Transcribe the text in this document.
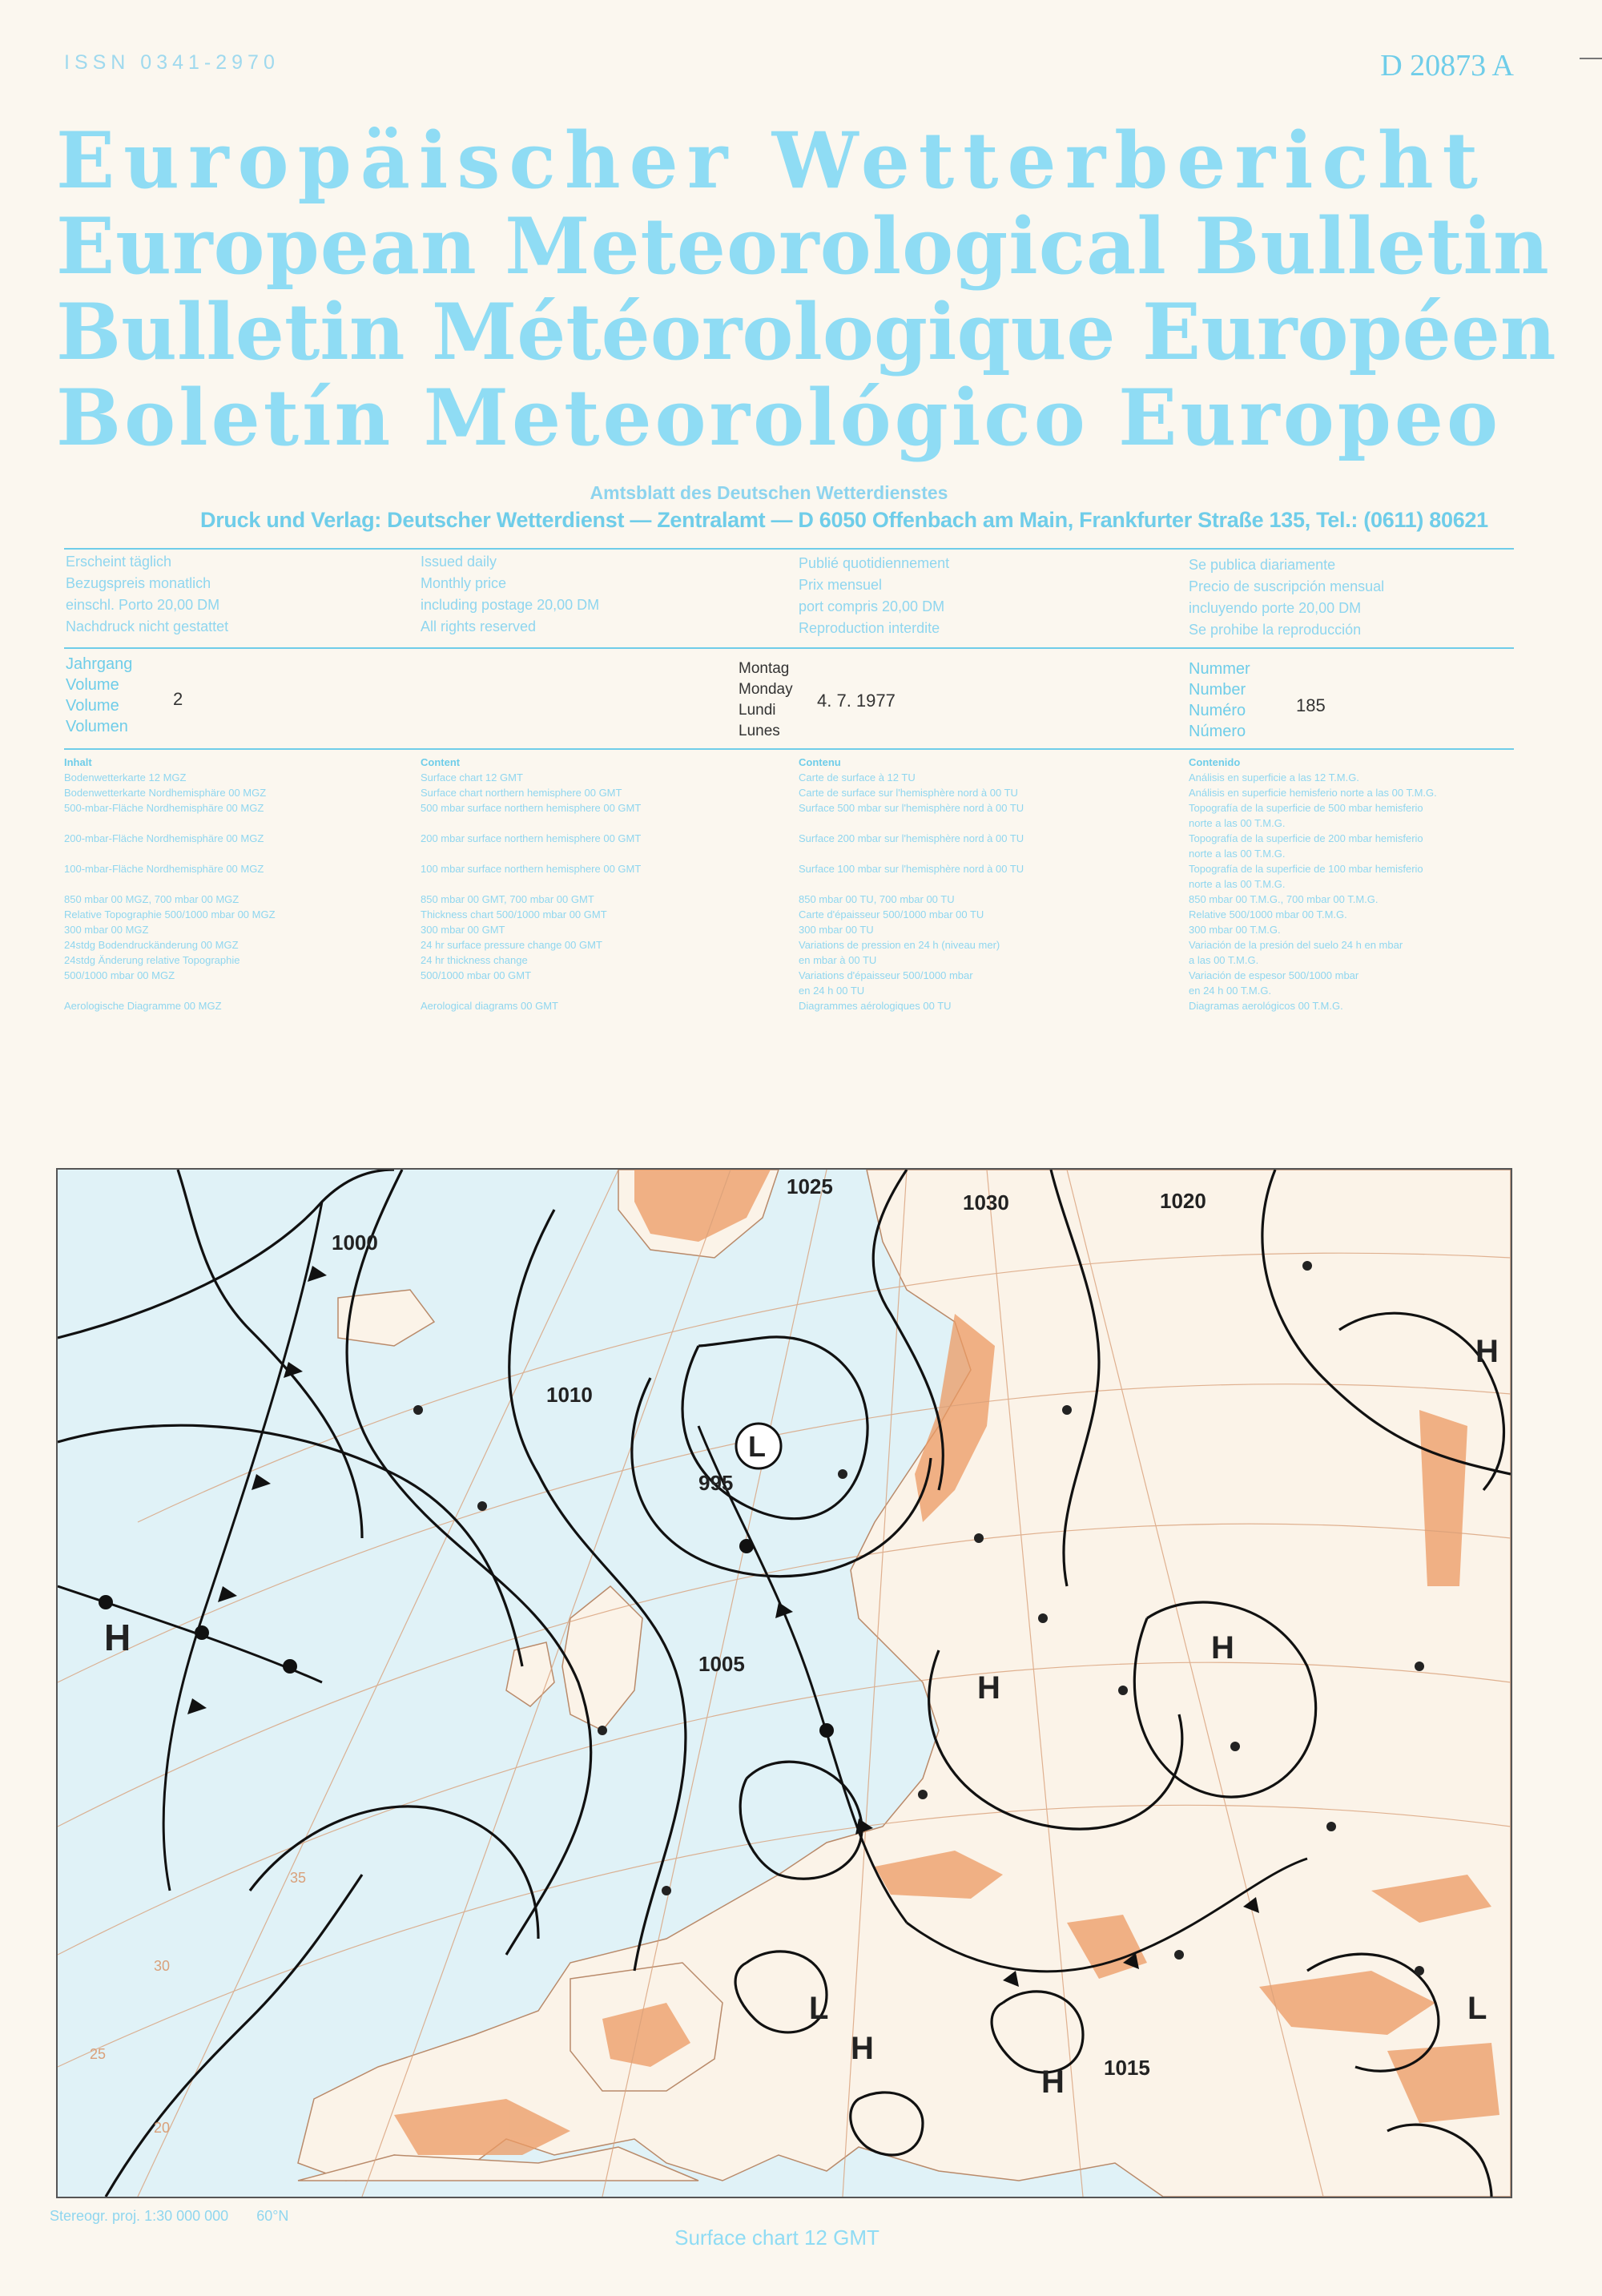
ISSN 0341-2970	D 20873 A
Europäischer Wetterbericht
European Meteorological Bulletin
Bulletin Météorologique Européen
Boletín Meteorológico Europeo
Amtsblatt des Deutschen Wetterdienstes
Druck und Verlag: Deutscher Wetterdienst — Zentralamt — D 6050 Offenbach am Main, Frankfurter Straße 135, Tel.: (0611) 80621
Erscheint täglich
Bezugspreis monatlich
einschl. Porto 20,00 DM
Nachdruck nicht gestattet
Issued daily
Monthly price
including postage 20,00 DM
All rights reserved
Publié quotidiennement
Prix mensuel
port compris 20,00 DM
Reproduction interdite
Se publica diariamente
Precio de suscripción mensual
incluyendo porte 20,00 DM
Se prohibe la reproducción
Jahrgang
Volume
Volume
Volumen
2
Montag
Monday
Lundi
Lunes
4. 7. 1977
Nummer
Number
Numéro
Número
185
Inhalt
Bodenwetterkarte 12 MGZ
Bodenwetterkarte Nordhemisphäre 00 MGZ
500-mbar-Fläche Nordhemisphäre 00 MGZ
200-mbar-Fläche Nordhemisphäre 00 MGZ
100-mbar-Fläche Nordhemisphäre 00 MGZ
850 mbar 00 MGZ, 700 mbar 00 MGZ
Relative Topographie 500/1000 mbar 00 MGZ
300 mbar 00 MGZ
24stdg Bodendruckänderung 00 MGZ
24stdg Änderung relative Topographie
500/1000 mbar 00 MGZ
Aerologische Diagramme 00 MGZ
Content
Surface chart 12 GMT
Surface chart northern hemisphere 00 GMT
500 mbar surface northern hemisphere 00 GMT
200 mbar surface northern hemisphere 00 GMT
100 mbar surface northern hemisphere 00 GMT
850 mbar 00 GMT, 700 mbar 00 GMT
Thickness chart 500/1000 mbar 00 GMT
300 mbar 00 GMT
24 hr surface pressure change 00 GMT
24 hr thickness change
500/1000 mbar 00 GMT
Aerological diagrams 00 GMT
Contenu
Carte de surface à 12 TU
Carte de surface sur l'hemisphère nord à 00 TU
Surface 500 mbar sur l'hemisphère nord à 00 TU
Surface 200 mbar sur l'hemisphère nord à 00 TU
Surface 100 mbar sur l'hemisphère nord à 00 TU
850 mbar 00 TU, 700 mbar 00 TU
Carte d'épaisseur 500/1000 mbar 00 TU
300 mbar 00 TU
Variations de pression en 24 h (niveau mer)
en mbar à 00 TU
Variations d'épaisseur 500/1000 mbar
en 24 h 00 TU
Diagrammes aérologiques 00 TU
Contenido
Análisis en superficie a las 12 T.M.G.
Análisis en superficie hemisferio norte a las 00 T.M.G.
Topografía de la superficie de 500 mbar hemisferio
norte a las 00 T.M.G.
Topografía de la superficie de 200 mbar hemisferio
norte a las 00 T.M.G.
Topografía de la superficie de 100 mbar hemisferio
norte a las 00 T.M.G.
850 mbar 00 T.M.G., 700 mbar 00 T.M.G.
Relative 500/1000 mbar 00 T.M.G.
300 mbar 00 T.M.G.
Variación de la presión del suelo 24 h en mbar
a las 00 T.M.G.
Variación de espesor 500/1000 mbar
en 24 h 00 T.M.G.
Diagramas aerológicos 00 T.M.G.
L
995
H
H
H
L
H
L
H
H
1005
1010
1015
1020
1025
1030
1000
35
30
25
20
Stereogr. proj. 1:30 000 000 60°N
Surface chart 12 GMT
